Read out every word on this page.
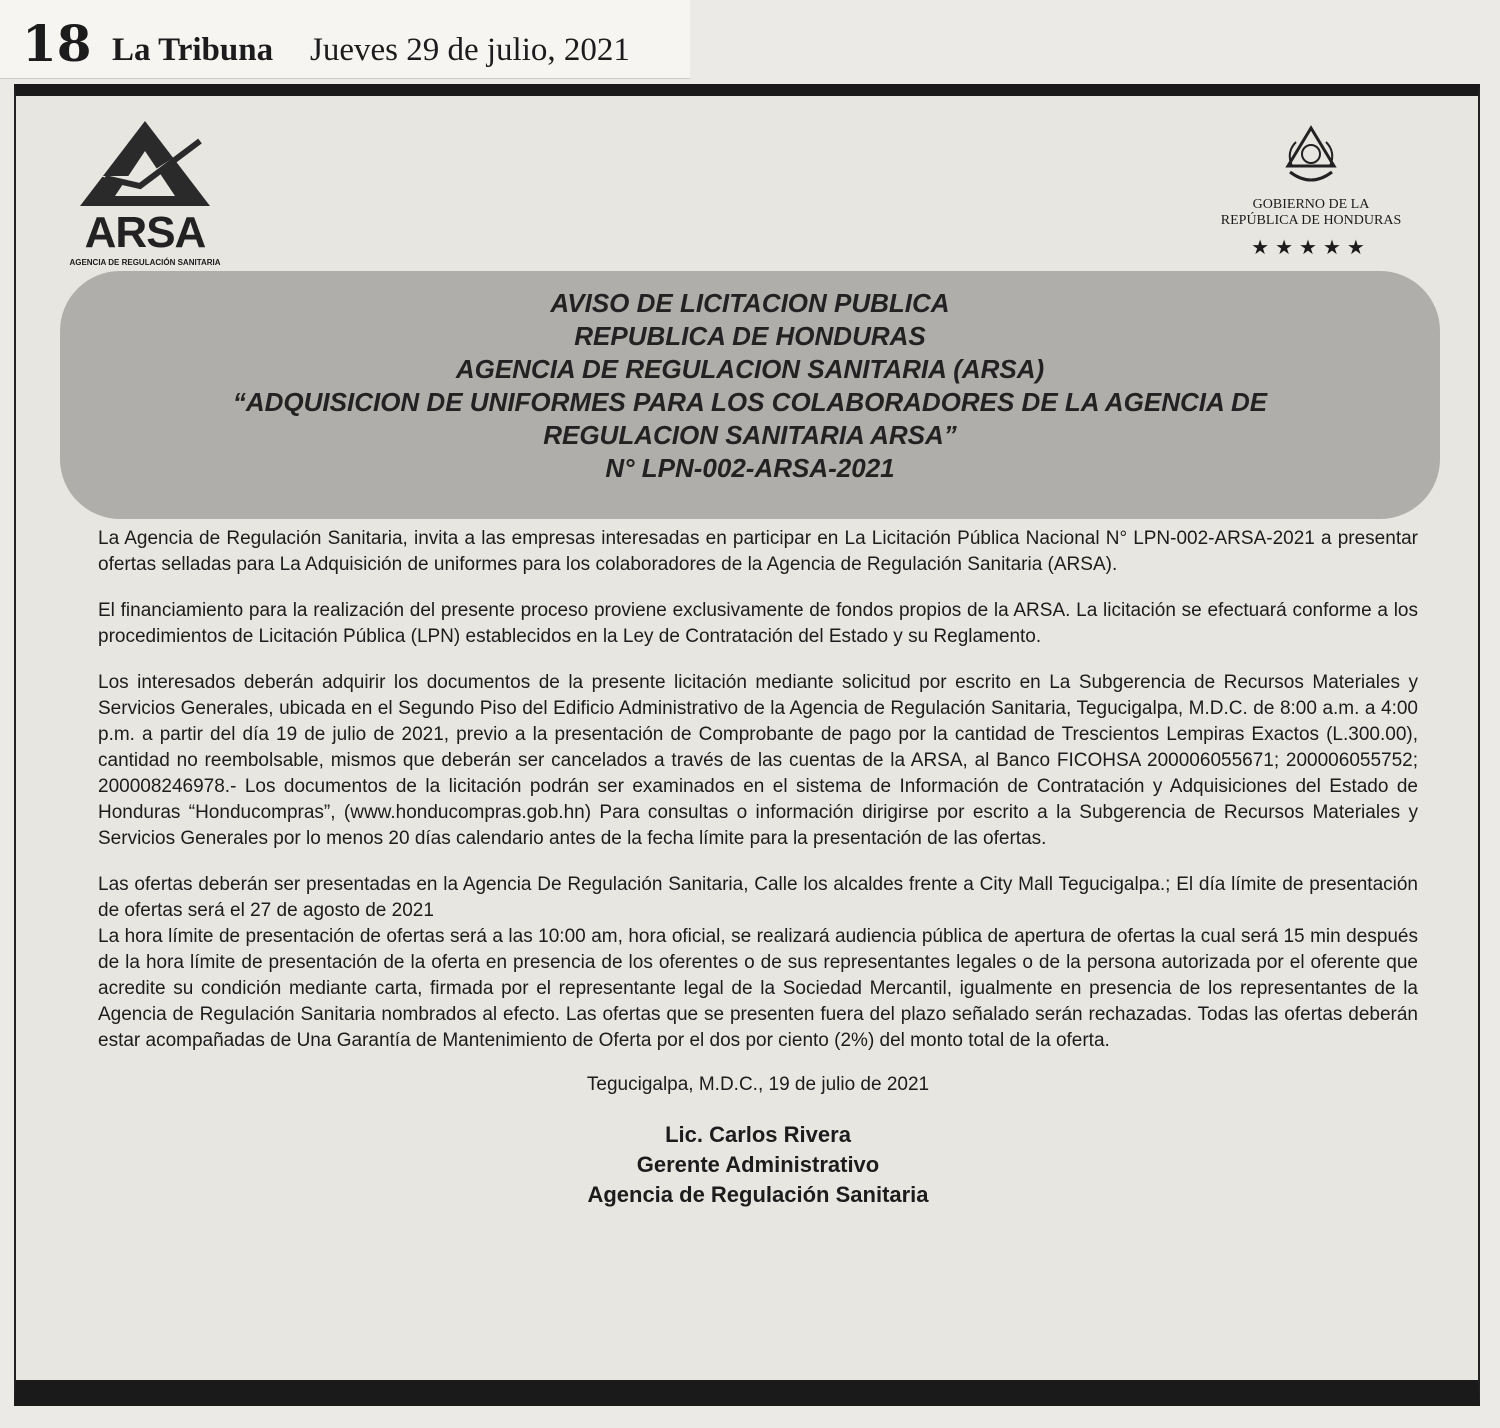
18 La Tribuna Jueves 29 de julio, 2021
ARSA
AGENCIA DE REGULACIÓN SANITARIA
GOBIERNO DE LA
REPÚBLICA DE HONDURAS
★★★★★
AVISO DE LICITACION PUBLICA
REPUBLICA DE HONDURAS
AGENCIA DE REGULACION SANITARIA (ARSA)
“ADQUISICION DE UNIFORMES PARA LOS COLABORADORES DE LA AGENCIA DE
REGULACION SANITARIA ARSA”
N° LPN-002-ARSA-2021

La Agencia de Regulación Sanitaria, invita a las empresas interesadas en participar en La Licitación Pública Nacional N° LPN-002-ARSA-2021 a presentar ofertas selladas para La Adquisición de uniformes para los colaboradores de la Agencia de Regulación Sanitaria (ARSA).

El financiamiento para la realización del presente proceso proviene exclusivamente de fondos propios de la ARSA. La licitación se efectuará conforme a los procedimientos de Licitación Pública (LPN) establecidos en la Ley de Contratación del Estado y su Reglamento.

Los interesados deberán adquirir los documentos de la presente licitación mediante solicitud por escrito en La Subgerencia de Recursos Materiales y Servicios Generales, ubicada en el Segundo Piso del Edificio Administrativo de la Agencia de Regulación Sanitaria, Tegucigalpa, M.D.C. de 8:00 a.m. a 4:00 p.m. a partir del día 19 de julio de 2021, previo a la presentación de Comprobante de pago por la cantidad de Trescientos Lempiras Exactos (L.300.00), cantidad no reembolsable, mismos que deberán ser cancelados a través de las cuentas de la ARSA, al Banco FICOHSA 200006055671; 200006055752; 200008246978.- Los documentos de la licitación podrán ser examinados en el sistema de Información de Contratación y Adquisiciones del Estado de Honduras “Honducompras”, (www.honducompras.gob.hn) Para consultas o información dirigirse por escrito a la Subgerencia de Recursos Materiales y Servicios Generales por lo menos 20 días calendario antes de la fecha límite para la presentación de las ofertas.

Las ofertas deberán ser presentadas en la Agencia De Regulación Sanitaria, Calle los alcaldes frente a City Mall Tegucigalpa.; El día límite de presentación de ofertas será el 27 de agosto de 2021

La hora límite de presentación de ofertas será a las 10:00 am, hora oficial, se realizará audiencia pública de apertura de ofertas la cual será 15 min después de la hora límite de presentación de la oferta en presencia de los oferentes o de sus representantes legales o de la persona autorizada por el oferente que acredite su condición mediante carta, firmada por el representante legal de la Sociedad Mercantil, igualmente en presencia de los representantes de la Agencia de Regulación Sanitaria nombrados al efecto. Las ofertas que se presenten fuera del plazo señalado serán rechazadas. Todas las ofertas deberán estar acompañadas de Una Garantía de Mantenimiento de Oferta por el dos por ciento (2%) del monto total de la oferta.

Tegucigalpa, M.D.C., 19 de julio de 2021
Lic. Carlos Rivera
Gerente Administrativo
Agencia de Regulación Sanitaria
